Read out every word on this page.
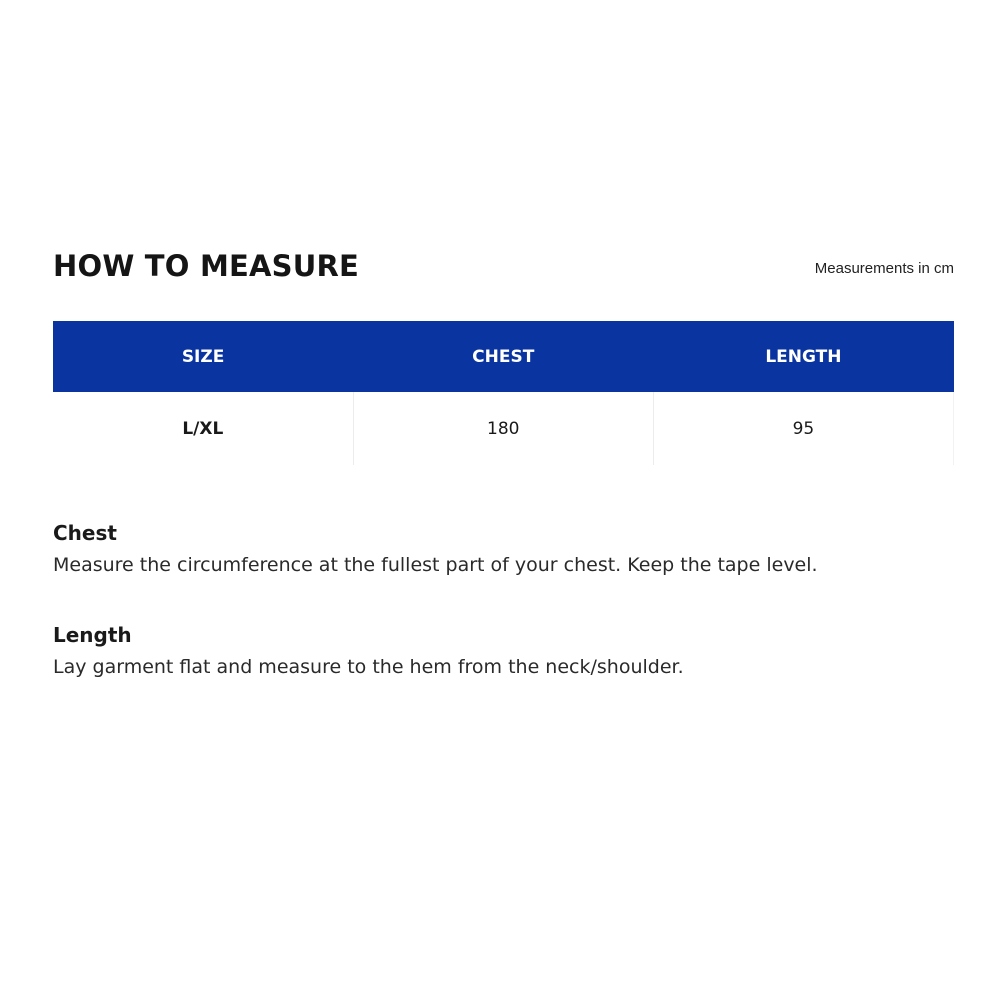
HOW TO MEASURE	Measurements in cm
SIZE	CHEST	LENGTH
L/XL	180	95
Chest

Measure the circumference at the fullest part of your chest. Keep the tape level.

Length

Lay garment flat and measure to the hem from the neck/shoulder.
